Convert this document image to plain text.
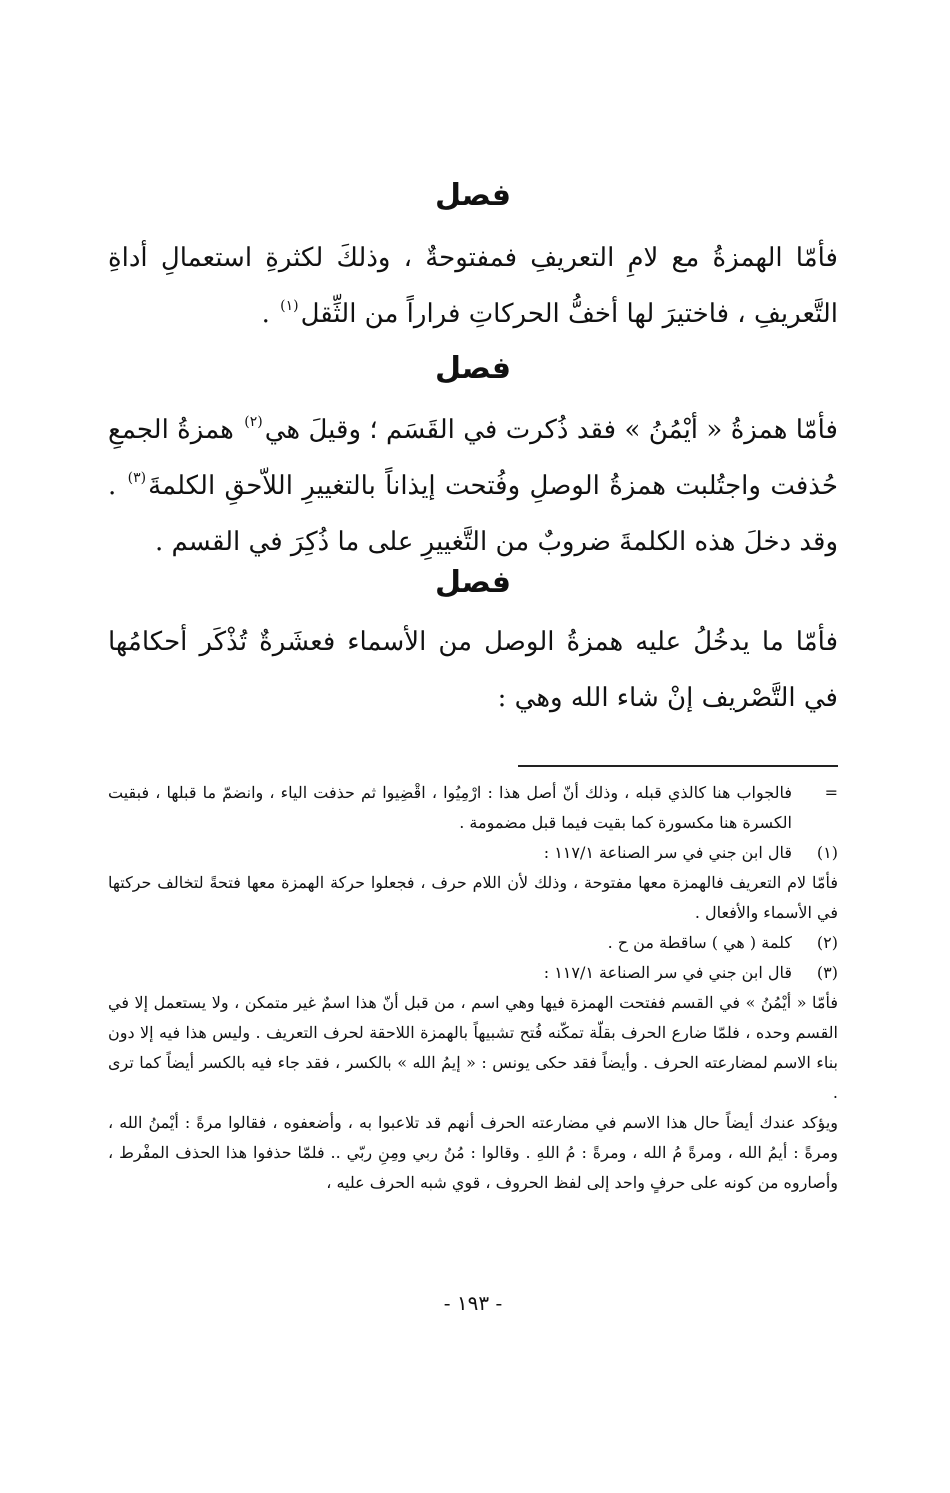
فصل

فأمّا الهمزةُ مع لامِ التعريفِ فمفتوحةٌ ، وذلكَ لكثرةِ استعمالِ أداةِ التَّعريفِ ، فاختيرَ لها أخفُّ الحركاتِ فراراً من الثِّقل$^{(١)}$ .

فصل

فأمّا همزةُ « أيْمُنُ » فقد ذُكرت في القَسَم ؛ وقيلَ هي$^{(٢)}$ همزةُ الجمعِ حُذفت واجتُلبت همزةُ الوصلِ وفُتحت إيذاناً بالتغييرِ اللاّحقِ الكلمةَ$^{(٣)}$ . وقد دخلَ هذه الكلمةَ ضروبٌ من التَّغييرِ على ما ذُكِرَ في القسم .

فصل

فأمّا ما يدخُلُ عليه همزةُ الوصل من الأسماء فعشَرةٌ تُذْكَر أحكامُها في التَّصْريف إنْ شاء الله وهي :

=
فالجواب هنا كالذي قبله ، وذلك أنّ أصل هذا : ارْمِيُوا ، اقْضِيوا ثم حذفت الياء ، وانضمّ ما قبلها ، فبقيت الكسرة هنا مكسورة كما بقيت فيما قبل مضمومة .
(١)
قال ابن جني في سر الصناعة ١١٧/١ :
فأمّا لام التعريف فالهمزة معها مفتوحة ، وذلك لأن اللام حرف ، فجعلوا حركة الهمزة معها فتحةً لتخالف حركتها في الأسماء والأفعال .
(٢)
كلمة ( هي ) ساقطة من ح .
(٣)
قال ابن جني في سر الصناعة ١١٧/١ :
فأمّا « أيْمُنُ » في القسم ففتحت الهمزة فيها وهي اسم ، من قبل أنّ هذا اسمٌ غير متمكن ، ولا يستعمل إلا في القسم وحده ، فلمّا ضارع الحرف بقلّة تمكّنه فُتح تشبيهاً بالهمزة اللاحقة لحرف التعريف . وليس هذا فيه إلا دون بناء الاسم لمضارعته الحرف . وأيضاً فقد حكى يونس : « إيمُ الله » بالكسر ، فقد جاء فيه بالكسر أيضاً كما ترى .
ويؤكد عندك أيضاً حال هذا الاسم في مضارعته الحرف أنهم قد تلاعبوا به ، وأضعفوه ، فقالوا مرةً : أيْمنُ الله ، ومرةً : أيمُ الله ، ومرةً مُ الله ، ومرةً : مُ اللهِ . وقالوا : مُنُ ربي ومِنِ ربّي .. فلمّا حذفوا هذا الحذف المفْرط ، وأصاروه من كونه على حرفٍ واحد إلى لفظ الحروف ، قوي شبه الحرف عليه ،
- ١٩٣ -
